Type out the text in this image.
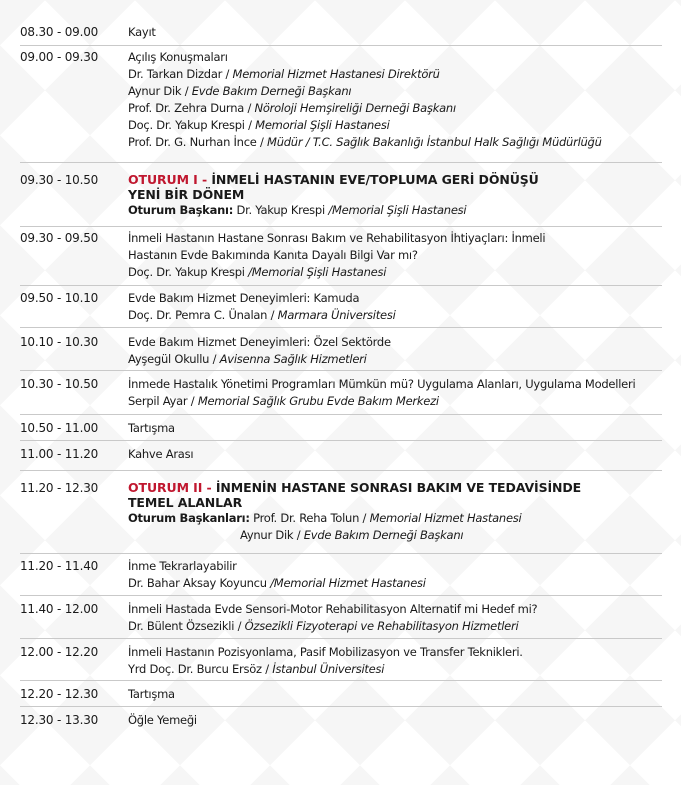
08.30 - 09.00	Kayıt
09.00 - 09.30	Açılış Konuşmaları
Dr. Tarkan Dizdar / Memorial Hizmet Hastanesi Direktörü
Aynur Dik / Evde Bakım Derneği Başkanı
Prof. Dr. Zehra Durna / Nöroloji Hemşireliği Derneği Başkanı
Doç. Dr. Yakup Krespi / Memorial Şişli Hastanesi
Prof. Dr. G. Nurhan İnce / Müdür / T.C. Sağlık Bakanlığı İstanbul Halk Sağlığı Müdürlüğü
09.30 - 10.50	OTURUM I - İNMELİ HASTANIN EVE/TOPLUMA GERİ DÖNÜŞÜ
YENİ BİR DÖNEM
Oturum Başkanı: Dr. Yakup Krespi /Memorial Şişli Hastanesi
09.30 - 09.50	İnmeli Hastanın Hastane Sonrası Bakım ve Rehabilitasyon İhtiyaçları: İnmeli
Hastanın Evde Bakımında Kanıta Dayalı Bilgi Var mı?
Doç. Dr. Yakup Krespi /Memorial Şişli Hastanesi
09.50 - 10.10	Evde Bakım Hizmet Deneyimleri: Kamuda
Doç. Dr. Pemra C. Ünalan / Marmara Üniversitesi
10.10 - 10.30	Evde Bakım Hizmet Deneyimleri: Özel Sektörde
Ayşegül Okullu / Avisenna Sağlık Hizmetleri
10.30 - 10.50	İnmede Hastalık Yönetimi Programları Mümkün mü? Uygulama Alanları, Uygulama Modelleri
Serpil Ayar / Memorial Sağlık Grubu Evde Bakım Merkezi
10.50 - 11.00	Tartışma
11.00 - 11.20	Kahve Arası
11.20 - 12.30	OTURUM II - İNMENİN HASTANE SONRASI BAKIM VE TEDAVİSİNDE
TEMEL ALANLAR
Oturum Başkanları: Prof. Dr. Reha Tolun / Memorial Hizmet Hastanesi
Aynur Dik / Evde Bakım Derneği Başkanı
11.20 - 11.40	İnme Tekrarlayabilir
Dr. Bahar Aksay Koyuncu /Memorial Hizmet Hastanesi
11.40 - 12.00	İnmeli Hastada Evde Sensori-Motor Rehabilitasyon Alternatif mi Hedef mi?
Dr. Bülent Özsezikli / Özsezikli Fizyoterapi ve Rehabilitasyon Hizmetleri
12.00 - 12.20	İnmeli Hastanın Pozisyonlama, Pasif Mobilizasyon ve Transfer Teknikleri.
Yrd Doç. Dr. Burcu Ersöz / İstanbul Üniversitesi
12.20 - 12.30	Tartışma
12.30 - 13.30	Öğle Yemeği
